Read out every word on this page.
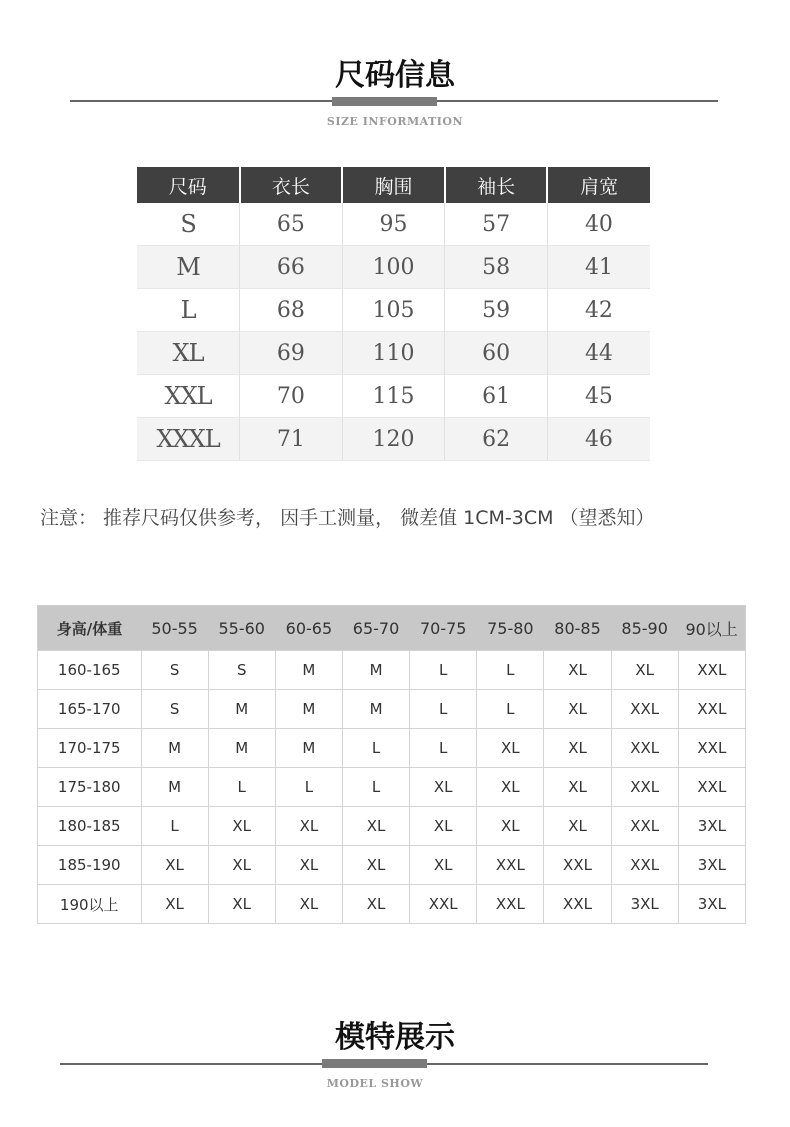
尺码信息
SIZE INFORMATION
尺码	衣长	胸围	袖长	肩宽
S	65	95	57	40
M	66	100	58	41
L	68	105	59	42
XL	69	110	60	44
XXL	70	115	61	45
XXXL	71	120	62	46
注意： 推荐尺码仅供参考， 因手工测量， 微差值 1CM-3CM （望悉知）
身高/体重	50-55	55-60	60-65	65-70	70-75	75-80	80-85	85-90	90以上
160-165	S	S	M	M	L	L	XL	XL	XXL
165-170	S	M	M	M	L	L	XL	XXL	XXL
170-175	M	M	M	L	L	XL	XL	XXL	XXL
175-180	M	L	L	L	XL	XL	XL	XXL	XXL
180-185	L	XL	XL	XL	XL	XL	XL	XXL	3XL
185-190	XL	XL	XL	XL	XL	XXL	XXL	XXL	3XL
190以上	XL	XL	XL	XL	XXL	XXL	XXL	3XL	3XL
模特展示
MODEL SHOW
